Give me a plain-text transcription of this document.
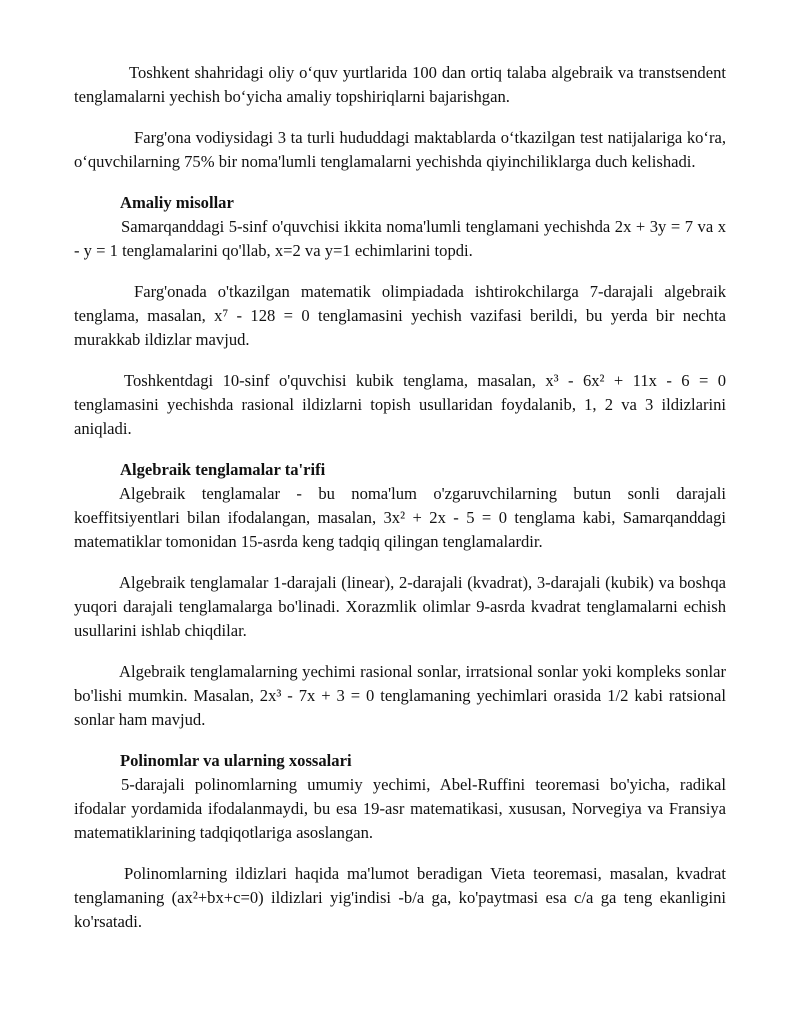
Toshkent shahridagi oliy o‘quv yurtlarida 100 dan ortiq talaba algebraik va transtsendent tenglamalarni yechish bo‘yicha amaliy topshiriqlarni bajarishgan.

Farg'ona vodiysidagi 3 ta turli hududdagi maktablarda o‘tkazilgan test natijalariga ko‘ra, o‘quvchilarning 75% bir noma'lumli tenglamalarni yechishda qiyinchiliklarga duch kelishadi.

Amaliy misollar

Samarqanddagi 5-sinf o'quvchisi ikkita noma'lumli tenglamani yechishda 2x + 3y = 7 va x - y = 1 tenglamalarini qo'llab, x=2 va y=1 echimlarini topdi.

Farg'onada o'tkazilgan matematik olimpiadada ishtirokchilarga 7-darajali algebraik tenglama, masalan, x⁷ - 128 = 0 tenglamasini yechish vazifasi berildi, bu yerda bir nechta murakkab ildizlar mavjud.

Toshkentdagi 10-sinf o'quvchisi kubik tenglama, masalan, x³ - 6x² + 11x - 6 = 0 tenglamasini yechishda rasional ildizlarni topish usullaridan foydalanib, 1, 2 va 3 ildizlarini aniqladi.

Algebraik tenglamalar ta'rifi

Algebraik tenglamalar - bu noma'lum o'zgaruvchilarning butun sonli darajali koeffitsiyentlari bilan ifodalangan, masalan, 3x² + 2x - 5 = 0 tenglama kabi, Samarqanddagi matematiklar tomonidan 15-asrda keng tadqiq qilingan tenglamalardir.

Algebraik tenglamalar 1-darajali (linear), 2-darajali (kvadrat), 3-darajali (kubik) va boshqa yuqori darajali tenglamalarga bo'linadi. Xorazmlik olimlar 9-asrda kvadrat tenglamalarni echish usullarini ishlab chiqdilar.

Algebraik tenglamalarning yechimi rasional sonlar, irratsional sonlar yoki kompleks sonlar bo'lishi mumkin. Masalan, 2x³ - 7x + 3 = 0 tenglamaning yechimlari orasida 1/2 kabi ratsional sonlar ham mavjud.

Polinomlar va ularning xossalari

5-darajali polinomlarning umumiy yechimi, Abel-Ruffini teoremasi bo'yicha, radikal ifodalar yordamida ifodalanmaydi, bu esa 19-asr matematikasi, xususan, Norvegiya va Fransiya matematiklarining tadqiqotlariga asoslangan.

Polinomlarning ildizlari haqida ma'lumot beradigan Vieta teoremasi, masalan, kvadrat tenglamaning (ax²+bx+c=0) ildizlari yig'indisi -b/a ga, ko'paytmasi esa c/a ga teng ekanligini ko'rsatadi.
